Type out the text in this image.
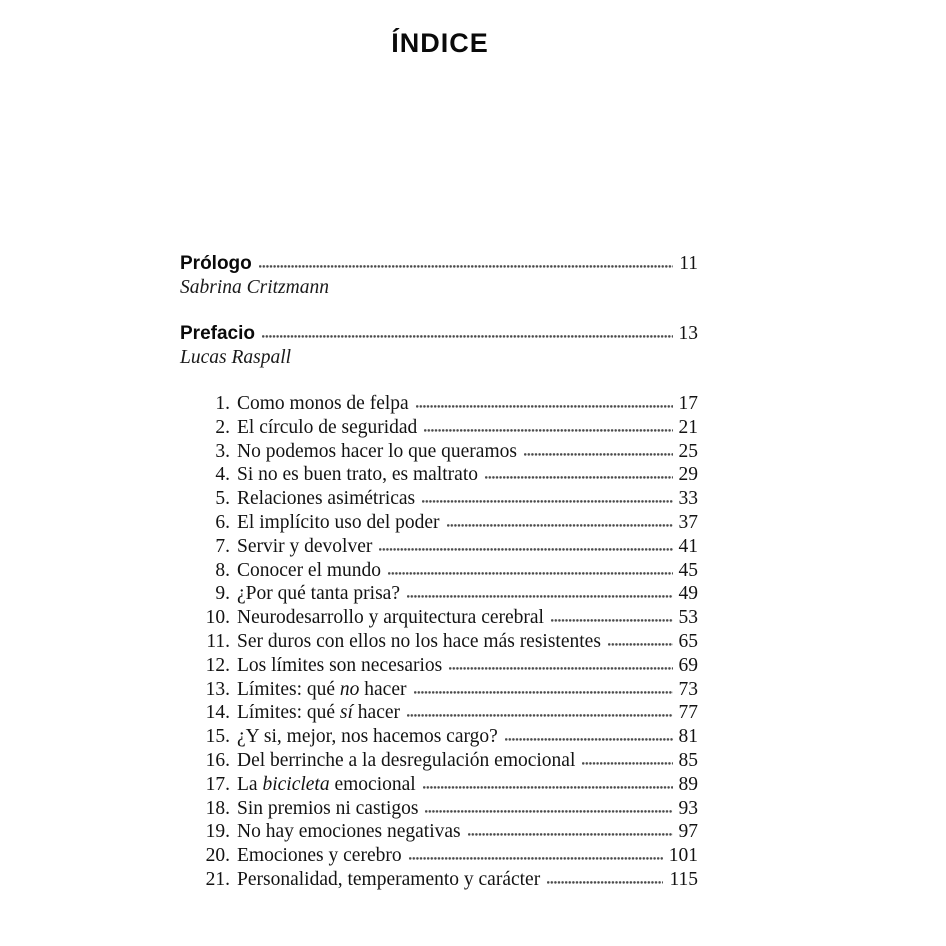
ÍNDICE
Prólogo	11
Sabrina Critzmann
Prefacio	13
Lucas Raspall
1. Como monos de felpa	17
2. El círculo de seguridad	21
3. No podemos hacer lo que queramos	25
4. Si no es buen trato, es maltrato	29
5. Relaciones asimétricas	33
6. El implícito uso del poder	37
7. Servir y devolver	41
8. Conocer el mundo	45
9. ¿Por qué tanta prisa?	49
10. Neurodesarrollo y arquitectura cerebral	53
11. Ser duros con ellos no los hace más resistentes	65
12. Los límites son necesarios	69
13. Límites: qué no hacer	73
14. Límites: qué sí hacer	77
15. ¿Y si, mejor, nos hacemos cargo?	81
16. Del berrinche a la desregulación emocional	85
17. La bicicleta emocional	89
18. Sin premios ni castigos	93
19. No hay emociones negativas	97
20. Emociones y cerebro	101
21. Personalidad, temperamento y carácter	115
